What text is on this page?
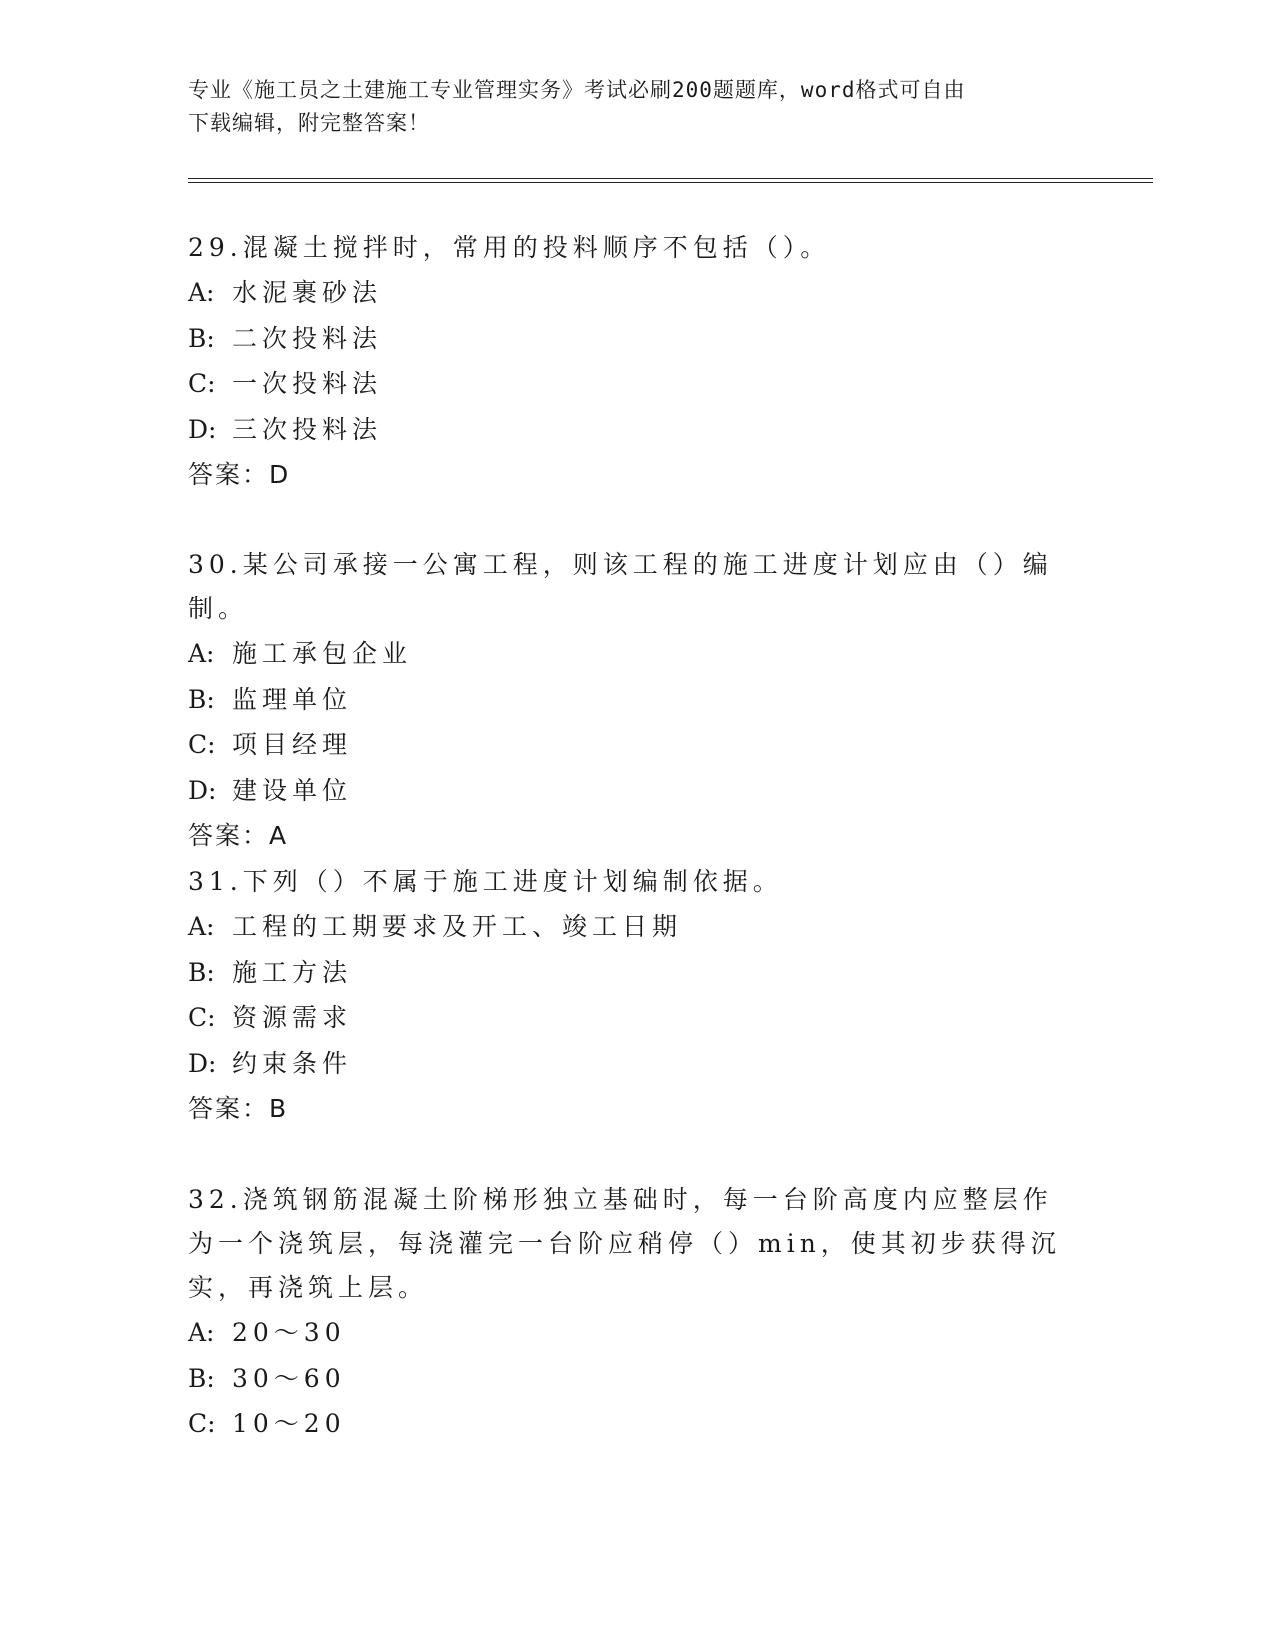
专业《施工员之土建施工专业管理实务》考试必刷200题题库，word格式可自由
下载编辑，附完整答案！
29.混凝土搅拌时，常用的投料顺序不包括（）。
A: 水泥裹砂法
B: 二次投料法
C: 一次投料法
D: 三次投料法
答案：D
30.某公司承接一公寓工程，则该工程的施工进度计划应由（）编制。
A: 施工承包企业
B: 监理单位
C: 项目经理
D: 建设单位
答案：A
31.下列（）不属于施工进度计划编制依据。
A: 工程的工期要求及开工、竣工日期
B: 施工方法
C: 资源需求
D: 约束条件
答案：B
32.浇筑钢筋混凝土阶梯形独立基础时，每一台阶高度内应整层作为一个浇筑层，每浇灌完一台阶应稍停（）min，使其初步获得沉实，再浇筑上层。
A: 20～30
B: 30～60
C: 10～20
